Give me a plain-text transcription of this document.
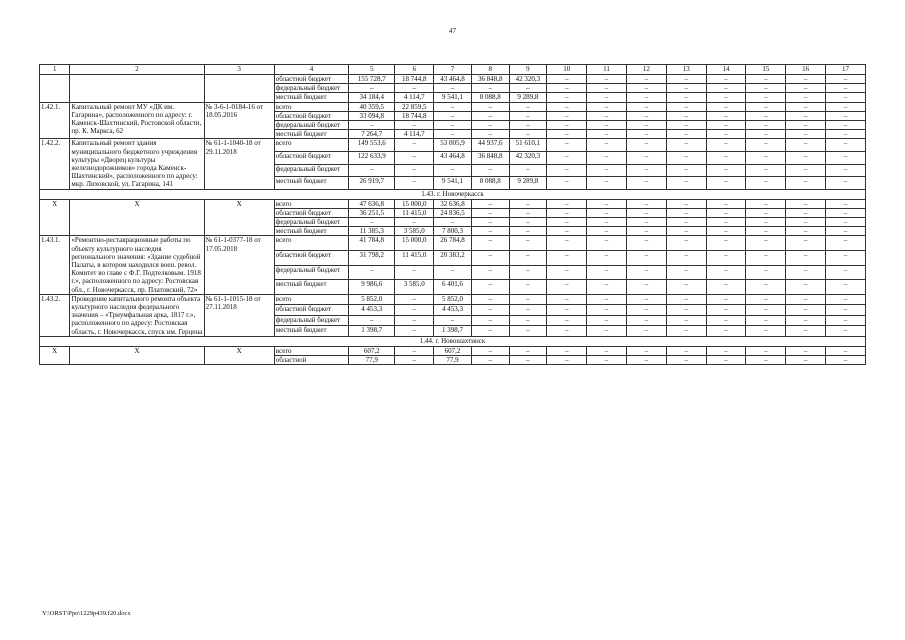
47
1	2	3	4	5	6	7	8	9	10	11	12	13	14	15	16	17
			областной бюджет	155 728,7	18 744,8	43 464,8	36 848,8	42 320,3	–	–	–	–	–	–	–	–
			федеральный бюджет	–	–	–	–	–	–	–	–	–	–	–	–	–
			местный бюджет	34 184,4	4 114,7	9 541,1	8 088,8	9 289,8	–	–	–	–	–	–	–	–
1.42.1.	Капитальный ремонт МУ «ДК им. Гагарина», расположенного по адресу: г. Каменск-Шахтинский, Ростовской области, пр. К. Маркса, 62	№ 3-6-1-0184-16 от 18.05.2016	всего	40 359,5	22 859,5	–	–	–	–	–	–	–	–	–	–	–
			областной бюджет	33 094,8	18 744,8	–	–	–	–	–	–	–	–	–	–	–
			федеральный бюджет	–	–	–	–	–	–	–	–	–	–	–	–	–
			местный бюджет	7 264,7	4 114,7	–	–	–	–	–	–	–	–	–	–	–
1.42.2.	Капитальный ремонт здания муниципального бюджетного учреждения культуры «Дворец культуры железнодорожников» города Каменск-Шахтинский», расположенного по адресу: мкр. Лиховской, ул. Гагарина, 141	№ 61-1-1040-18 от 29.11.2018	всего	149 553,6	–	53 005,9	44 937,6	51 610,1	–	–	–	–	–	–	–	–
			областной бюджет	122 633,9	–	43 464,8	36 848,8	42 320,3	–	–	–	–	–	–	–	–
			федеральный бюджет	–	–	–	–	–	–	–	–	–	–	–	–	–
			местный бюджет	26 919,7	–	9 541,1	8 088,8	9 289,8	–	–	–	–	–	–	–	–
1.43. г. Новочеркасск																
Х	Х	Х	всего	47 636,8	15 000,0	32 636,8	–	–	–	–	–	–	–	–	–	–
			областной бюджет	36 251,5	11 415,0	24 836,5	–	–	–	–	–	–	–	–	–	–
			федеральный бюджет	–	–	–	–	–	–	–	–	–	–	–	–	–
			местный бюджет	11 385,3	3 585,0	7 800,3	–	–	–	–	–	–	–	–	–	–
1.43.1.	«Ремонтно-реставрационные работы по объекту культурного наследия регионального значения: «Здание судебной Палаты, в котором находился воен. револ. Комитет во главе с Ф.Г. Подтелковым. 1918 г.», расположенного по адресу: Ростовская обл., г. Новочеркасск, пр. Платовский, 72»	№ 61-1-0377-18 от 17.05.2018	всего	41 784,8	15 000,0	26 784,8	–	–	–	–	–	–	–	–	–	–
			областной бюджет	31 798,2	11 415,0	20 383,2	–	–	–	–	–	–	–	–	–	–
			федеральный бюджет	–	–	–	–	–	–	–	–	–	–	–	–	–
			местный бюджет	9 986,6	3 585,0	6 401,6	–	–	–	–	–	–	–	–	–	–
1.43.2.	Проведение капитального ремонта объекта культурного наследия федерального значения – «Триумфальная арка, 1817 г.», расположенного по адресу: Ростовская область, г. Новочеркасск, спуск им. Герцена	№ 61-1-1015-18 от 27.11.2018	всего	5 852,0	–	5 852,0	–	–	–	–	–	–	–	–	–	–
			областной бюджет	4 453,3	–	4 453,3	–	–	–	–	–	–	–	–	–	–
			федеральный бюджет	–	–	–	–	–	–	–	–	–	–	–	–	–
			местный бюджет	1 398,7	–	1 398,7	–	–	–	–	–	–	–	–	–	–
1.44. г. Новошахтинск																
Х	Х	Х	всего	607,2	–	607,2	–	–	–	–	–	–	–	–	–	–
			областной	77,9	–	77,9	–	–	–	–	–	–	–	–	–	–
Y:\ORST\Ppo\1229p439.f20.docx
